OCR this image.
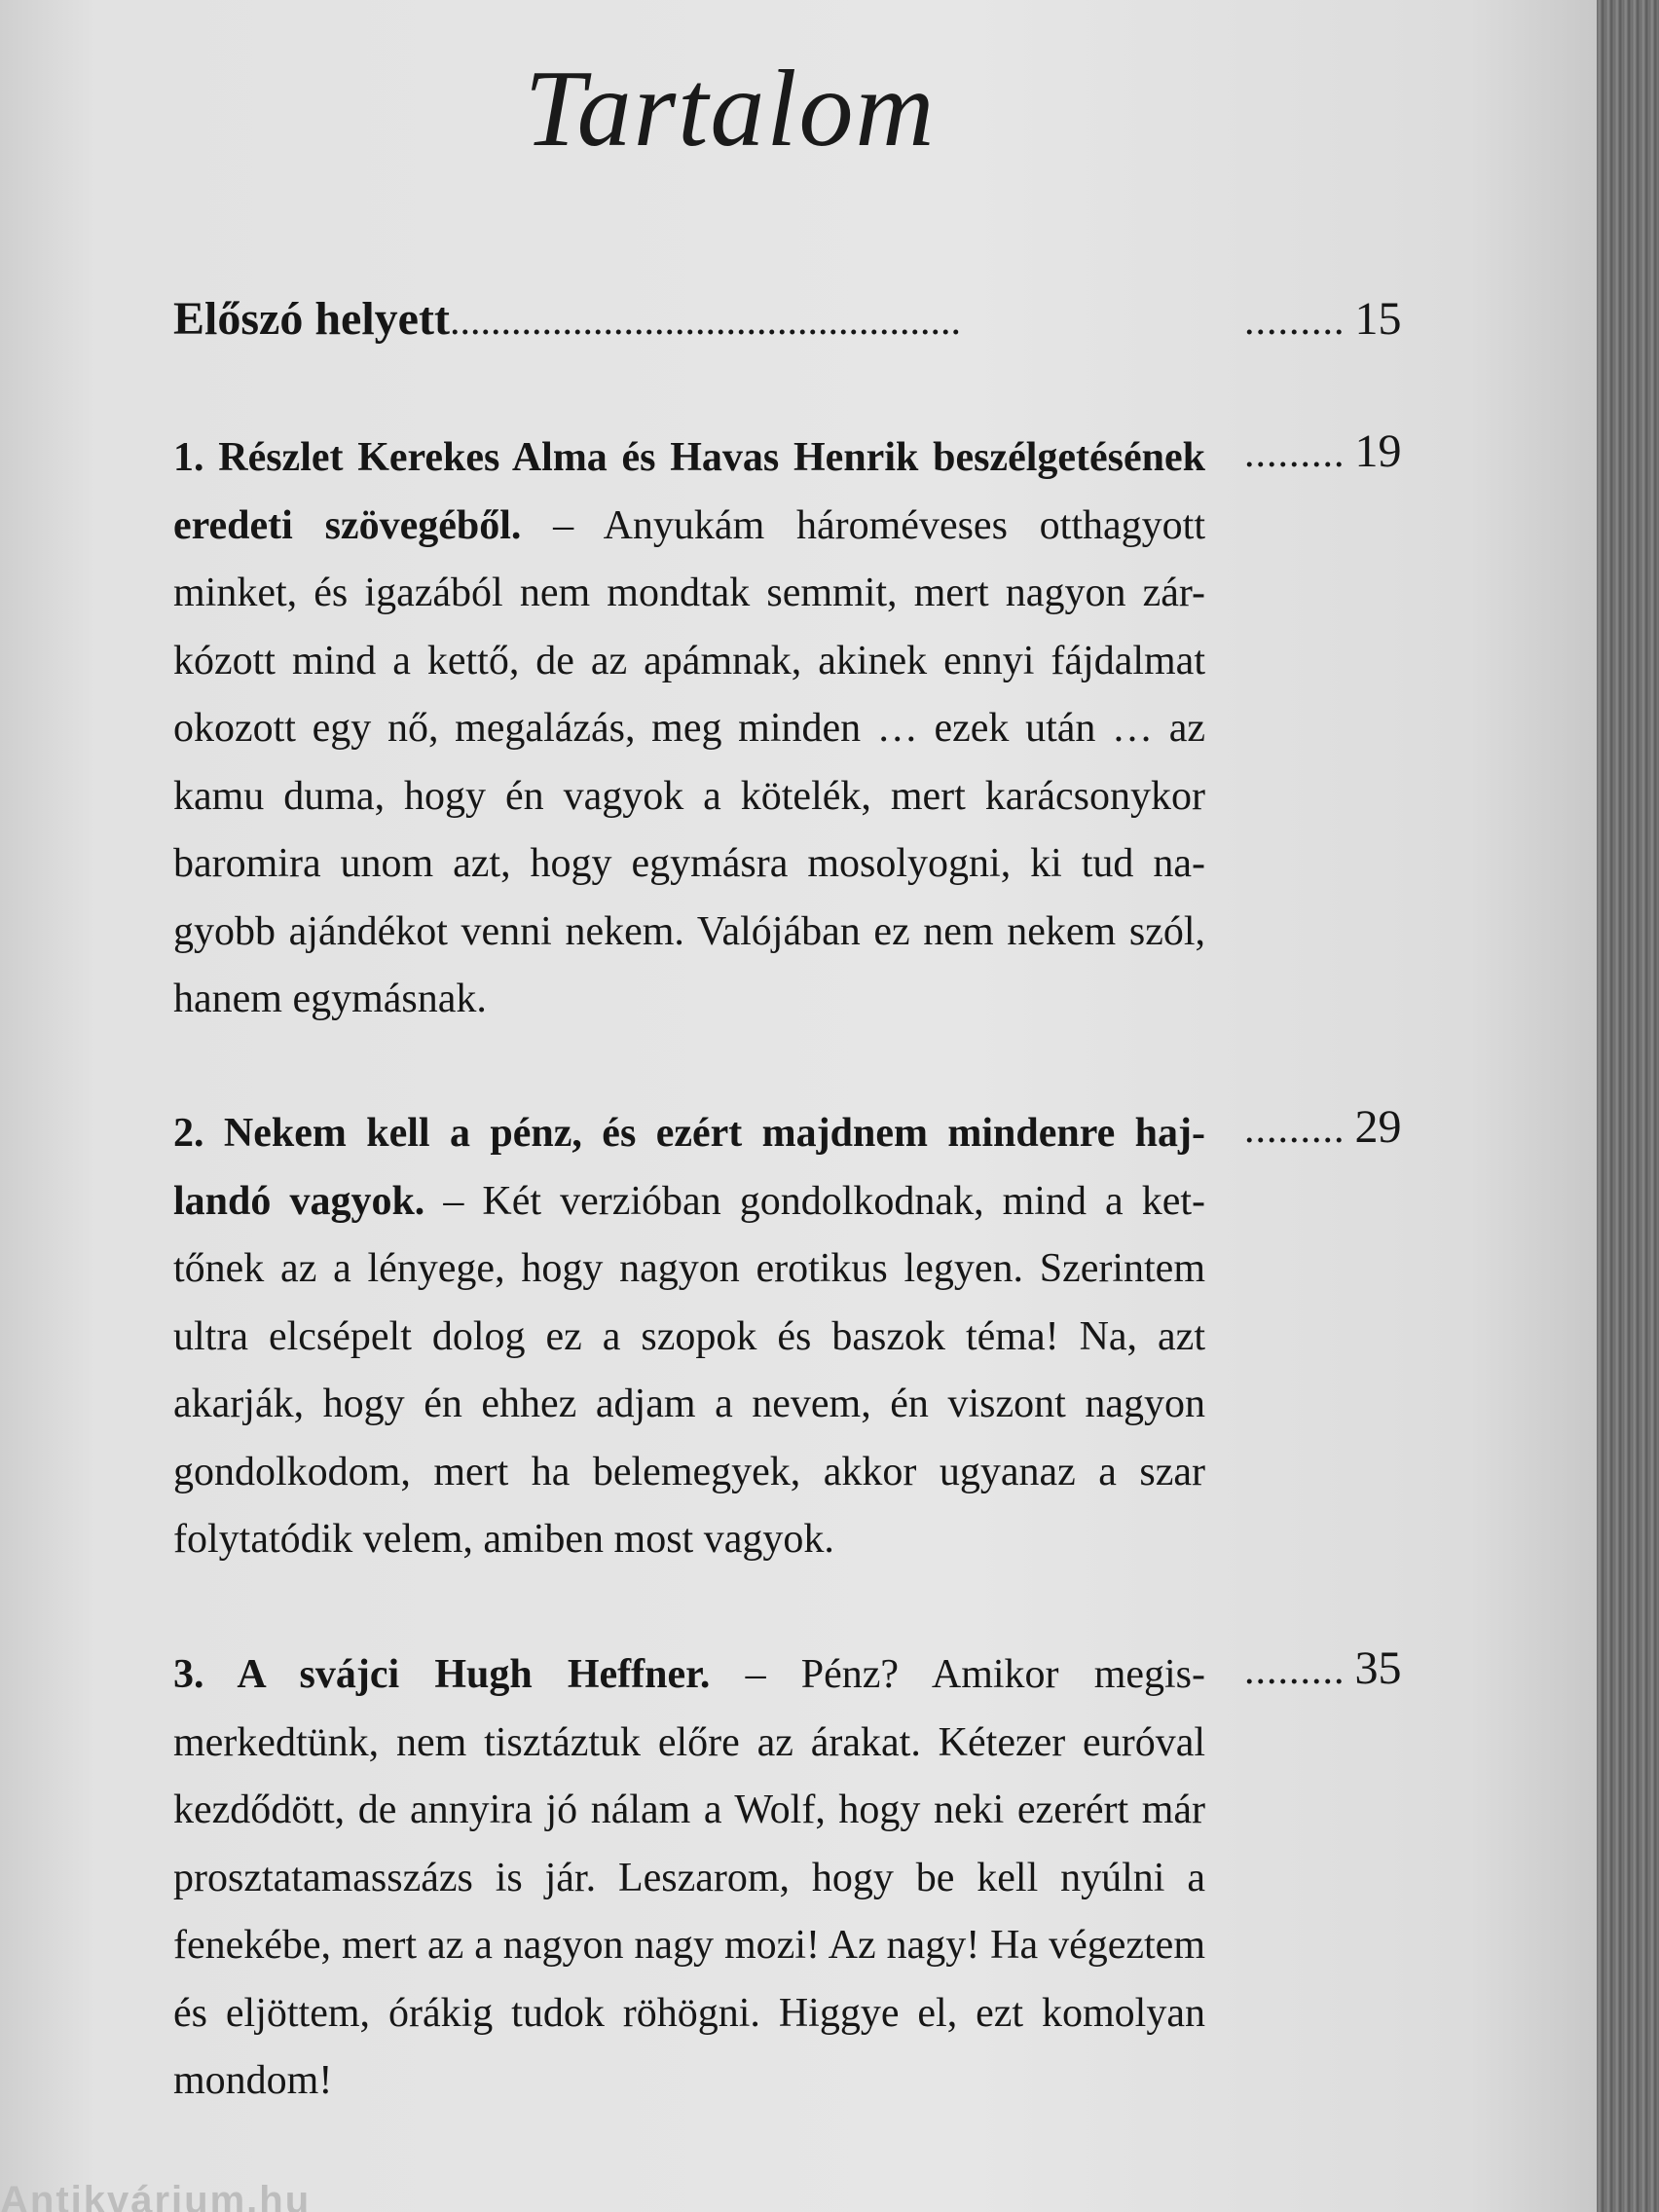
Tartalom
Előszó helyett..................................................	......... 15
1. Részlet Kerekes Alma és Havas Henrik beszélgetésének eredeti szövegéből. – Anyukám hároméveses otthagyott minket, és igazából nem mondtak semmit, mert nagyon zár-kózott mind a kettő, de az apámnak, akinek ennyi fájdalmat okozott egy nő, megalázás, meg minden … ezek után … az kamu duma, hogy én vagyok a kötelék, mert karácsonykor baromira unom azt, hogy egymásra mosolyogni, ki tud na-gyobb ajándékot venni nekem. Valójában ez nem nekem szól, hanem egymásnak.
......... 19
2. Nekem kell a pénz, és ezért majdnem mindenre haj-landó vagyok. – Két verzióban gondolkodnak, mind a ket-tőnek az a lényege, hogy nagyon erotikus legyen. Szerintem ultra elcsépelt dolog ez a szopok és baszok téma! Na, azt akarják, hogy én ehhez adjam a nevem, én viszont nagyon gondolkodom, mert ha belemegyek, akkor ugyanaz a szar folytatódik velem, amiben most vagyok.
......... 29
3. A svájci Hugh Heffner. – Pénz? Amikor megis-merkedtünk, nem tisztáztuk előre az árakat. Kétezer euróval kezdődött, de annyira jó nálam a Wolf, hogy neki ezerért már prosztatamasszázs is jár. Leszarom, hogy be kell nyúlni a fenekébe, mert az a nagyon nagy mozi! Az nagy! Ha végeztem és eljöttem, órákig tudok röhögni. Higgye el, ezt komolyan mondom!
......... 35
Antikvárium.hu
